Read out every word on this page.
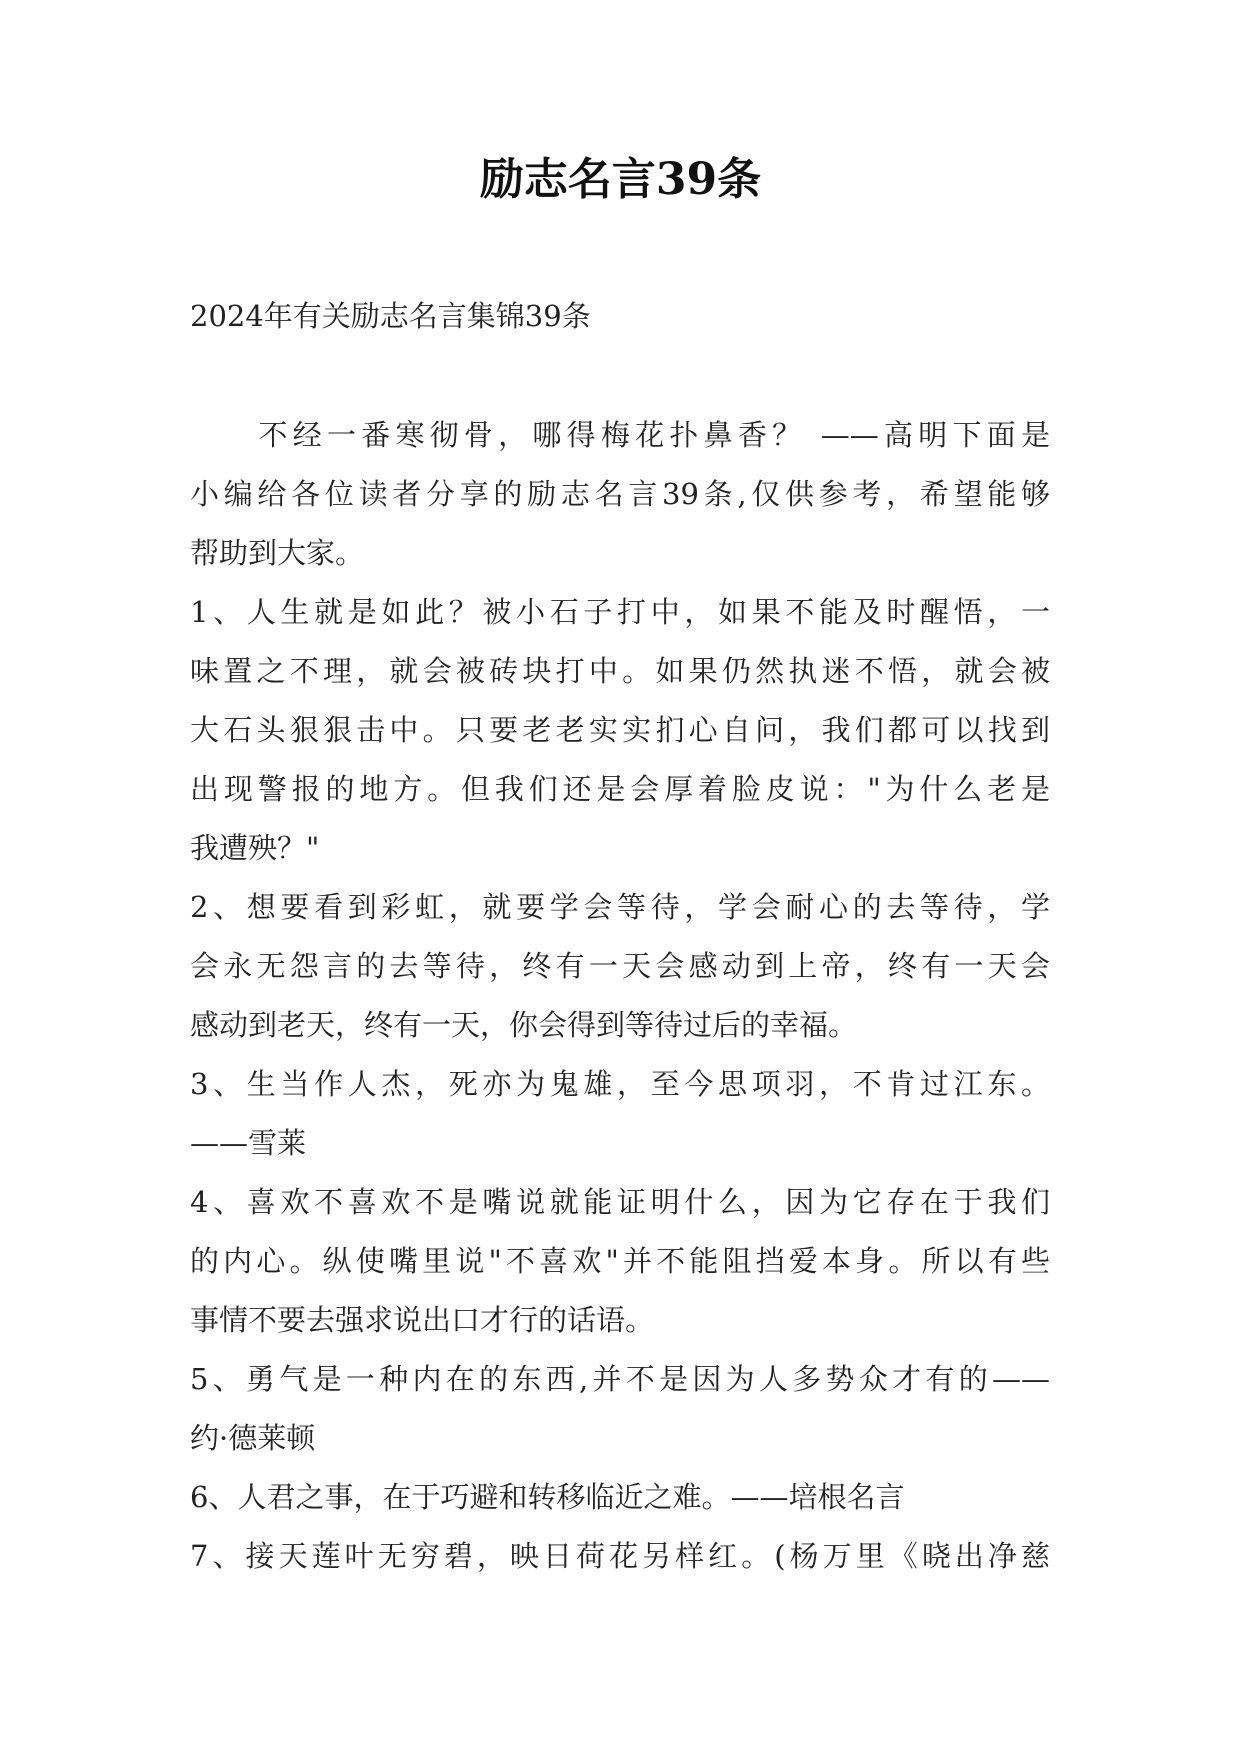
励志名言39条
2024年有关励志名言集锦39条
　　不经一番寒彻骨，哪得梅花扑鼻香？ ——高明下面是
小编给各位读者分享的励志名言39条,仅供参考，希望能够
帮助到大家。
1、人生就是如此？被小石子打中，如果不能及时醒悟，一
味置之不理，就会被砖块打中。如果仍然执迷不悟，就会被
大石头狠狠击中。只要老老实实扪心自问，我们都可以找到
出现警报的地方。但我们还是会厚着脸皮说："为什么老是
我遭殃？"
2、想要看到彩虹，就要学会等待，学会耐心的去等待，学
会永无怨言的去等待，终有一天会感动到上帝，终有一天会
感动到老天，终有一天，你会得到等待过后的幸福。
3、生当作人杰，死亦为鬼雄，至今思项羽，不肯过江东。
——雪莱
4、喜欢不喜欢不是嘴说就能证明什么，因为它存在于我们
的内心。纵使嘴里说"不喜欢"并不能阻挡爱本身。所以有些
事情不要去强求说出口才行的话语。
5、勇气是一种内在的东西,并不是因为人多势众才有的——
约·德莱顿
6、人君之事，在于巧避和转移临近之难。——培根名言
7、接天莲叶无穷碧，映日荷花另样红。(杨万里《晓出净慈
